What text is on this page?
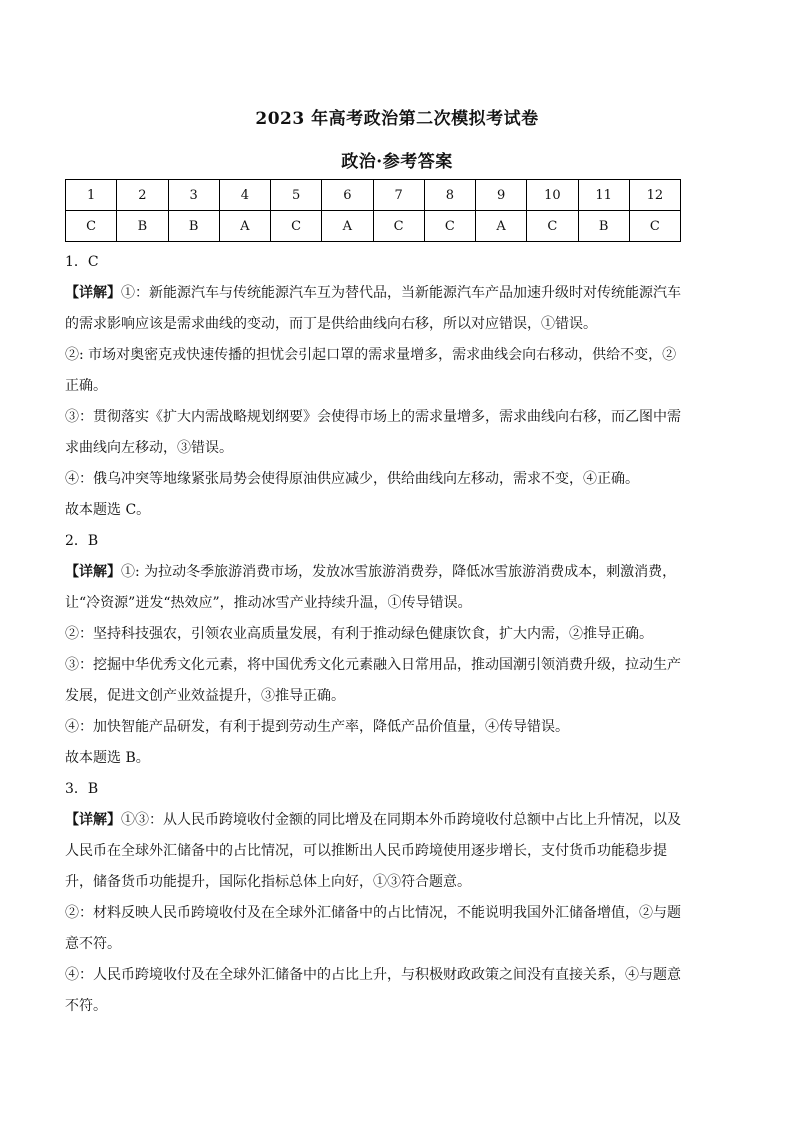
2023 年高考政治第二次模拟考试卷
政治·参考答案
1	2	3	4	5	6	7	8	9	10	11	12
C	B	B	A	C	A	C	C	A	C	B	C

1．C

【详解】①：新能源汽车与传统能源汽车互为替代品，当新能源汽车产品加速升级时对传统能源汽车的需求影响应该是需求曲线的变动，而丁是供给曲线向右移，所以对应错误，①错误。

②: 市场对奥密克戎快速传播的担忧会引起口罩的需求量增多，需求曲线会向右移动，供给不变，②正确。

③：贯彻落实《扩大内需战略规划纲要》会使得市场上的需求量增多，需求曲线向右移，而乙图中需求曲线向左移动，③错误。

④：俄乌冲突等地缘紧张局势会使得原油供应减少，供给曲线向左移动，需求不变，④正确。

故本题选 C。

2．B

【详解】①: 为拉动冬季旅游消费市场，发放冰雪旅游消费券，降低冰雪旅游消费成本，刺激消费，让“冷资源”迸发“热效应”，推动冰雪产业持续升温，①传导错误。

②：坚持科技强农，引领农业高质量发展，有利于推动绿色健康饮食，扩大内需，②推导正确。

③：挖掘中华优秀文化元素，将中国优秀文化元素融入日常用品，推动国潮引领消费升级，拉动生产发展，促进文创产业效益提升，③推导正确。

④：加快智能产品研发，有利于提到劳动生产率，降低产品价值量，④传导错误。

故本题选 B。

3．B

【详解】①③：从人民币跨境收付金额的同比增及在同期本外币跨境收付总额中占比上升情况，以及人民币在全球外汇储备中的占比情况，可以推断出人民币跨境使用逐步增长，支付货币功能稳步提升，储备货币功能提升，国际化指标总体上向好，①③符合题意。

②：材料反映人民币跨境收付及在全球外汇储备中的占比情况，不能说明我国外汇储备增值，②与题意不符。

④：人民币跨境收付及在全球外汇储备中的占比上升，与积极财政政策之间没有直接关系，④与题意不符。
